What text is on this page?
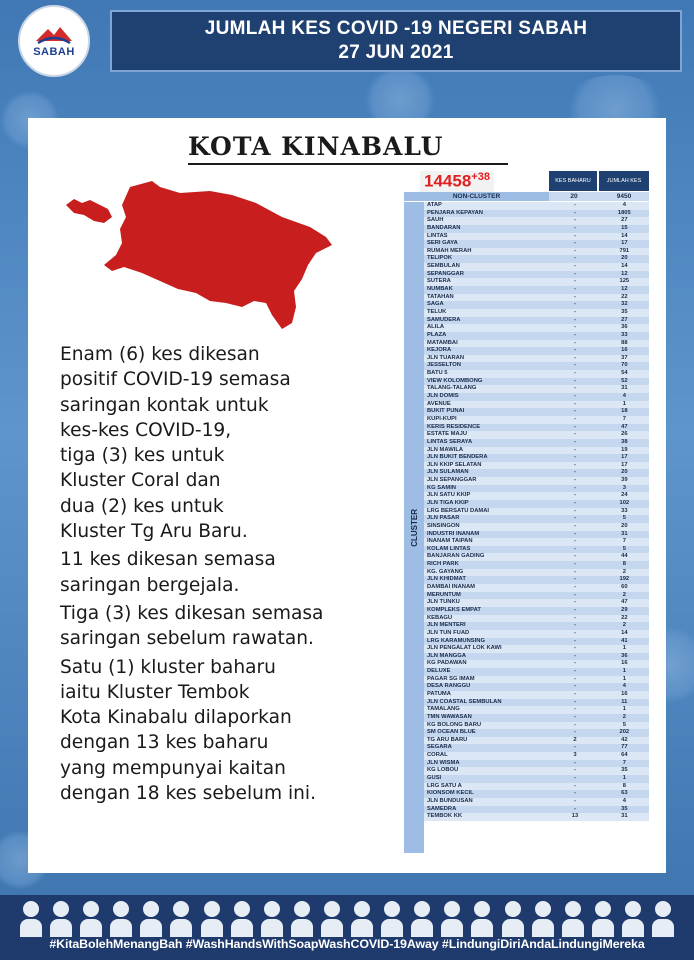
SABAH
JUMLAH KES COVID -19 NEGERI SABAH
27 JUN 2021
KOTA KINABALU

Enam (6) kes dikesan
positif COVID-19 semasa
saringan kontak untuk
kes-kes COVID-19,
tiga (3) kes untuk
Kluster Coral dan
dua (2) kes untuk
Kluster Tg Aru Baru.

11 kes dikesan semasa
saringan bergejala.

Tiga (3) kes dikesan semasa
saringan sebelum rawatan.

Satu (1) kluster baharu
iaitu Kluster Tembok
Kota Kinabalu dilaporkan
dengan 13 kes baharu
yang mempunyai kaitan
dengan 18 kes sebelum ini.

$14458^{+38}$	KES BAHARU	JUMLAH KES
NON-CLUSTER	20	9450
CLUSTER
ATAP	-	4
PENJARA KEPAYAN	-	1805
SAUH	-	27
BANDARAN	-	15
LINTAS	-	14
SERI GAYA	-	17
RUMAH MERAH	-	791
TELIPOK	-	20
SEMBULAN	-	14
SEPANGGAR	-	12
SUTERA	-	125
NUMBAK	-	12
TATAHAN	-	22
SAGA	-	32
TELUK	-	35
SAMUDERA	-	27
ALILA	-	36
PLAZA	-	33
MATAMBAI	-	88
KEJORA	-	16
JLN TUARAN	-	37
JESSELTON	-	70
BATU 5	-	54
VIEW KOLOMBONG	-	52
TALANG-TALANG	-	31
JLN DOMIS	-	4
AVENUE	-	1
BUKIT PUNAI	-	18
KUPI-KUPI	-	7
KERIS RESIDENCE	-	47
ESTATE MAJU	-	26
LINTAS SERAYA	-	38
JLN MAWILA	-	19
JLN BUKIT BENDERA	-	17
JLN KKIP SELATAN	-	17
JLN SULAMAN	-	20
JLN SEPANGGAR	-	39
KG SAMIN	-	3
JLN SATU KKIP	-	24
JLN TIGA KKIP	-	102
LRG BERSATU DAMAI	-	33
JLN PASAR	-	5
SINSINGON	-	20
INDUSTRI INANAM	-	31
INANAM TAIPAN	-	7
KOLAM LINTAS	-	5
BANJARAN GADING	-	44
RICH PARK	-	8
KG. GAYANG	-	2
JLN KHIDMAT	-	192
DAMBAI INANAM	-	60
MERUNTUM	-	2
JLN TUNKU	-	47
KOMPLEKS EMPAT	-	29
KEBAGU	-	22
JLN MENTERI	-	2
JLN TUN FUAD	-	14
LRG KARAMUNSING	-	41
JLN PENGALAT LOK KAWI	-	1
JLN MANGGA	-	36
KG PADAWAN	-	16
DELUXE	-	1
PAGAR SG IMAM	-	1
DESA RANGGU	-	4
PATUMA	-	16
JLN COASTAL SEMBULAN	-	11
TAMALANG	-	1
TMN WAWASAN	-	2
KG BOLONG BARU	-	5
SM OCEAN BLUE	-	202
TG ARU BARU	2	42
SEGARA	-	77
CORAL	3	64
JLN WISMA	-	7
KG LOBOU	-	35
GUSI	-	1
LRG SATU A	-	8
KIONSOM KECIL	-	63
JLN BUNDUSAN	-	4
SAMEDRA	-	35
TEMBOK KK	13	31
#KitaBolehMenangBah #WashHandsWithSoapWashCOVID-19Away #LindungiDiriAndaLindungiMereka
